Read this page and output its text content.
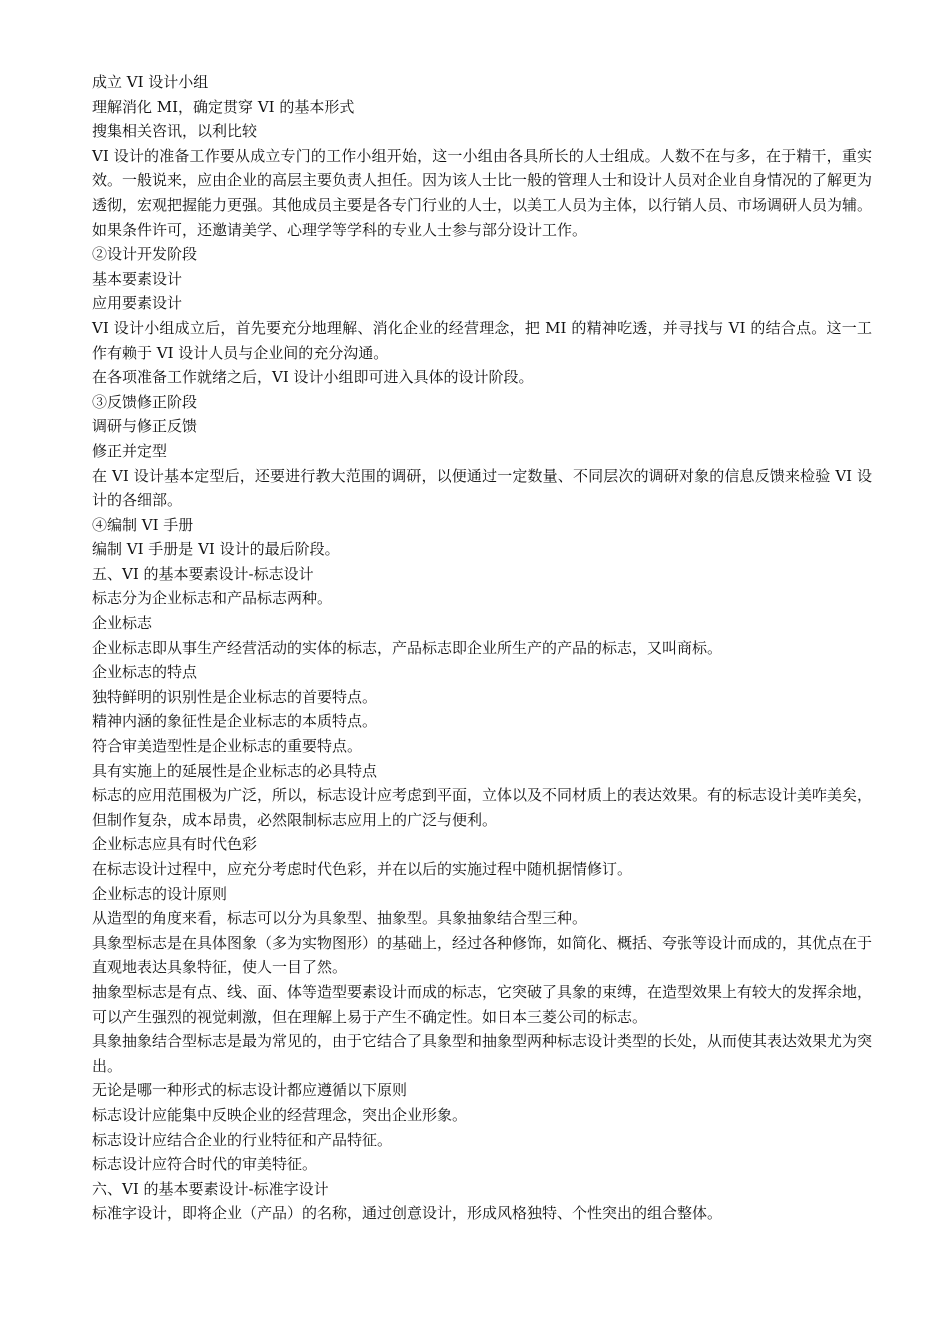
成立 VI 设计小组

理解消化 MI，确定贯穿 VI 的基本形式

搜集相关咨讯，以利比较

VI 设计的准备工作要从成立专门的工作小组开始，这一小组由各具所长的人士组成。人数不在与多，在于精干，重实效。一般说来，应由企业的高层主要负责人担任。因为该人士比一般的管理人士和设计人员对企业自身情况的了解更为透彻，宏观把握能力更强。其他成员主要是各专门行业的人士，以美工人员为主体，以行销人员、市场调研人员为辅。如果条件许可，还邀请美学、心理学等学科的专业人士参与部分设计工作。

②设计开发阶段

基本要素设计

应用要素设计

VI 设计小组成立后，首先要充分地理解、消化企业的经营理念，把 MI 的精神吃透，并寻找与 VI 的结合点。这一工作有赖于 VI 设计人员与企业间的充分沟通。

在各项准备工作就绪之后，VI 设计小组即可进入具体的设计阶段。

③反馈修正阶段

调研与修正反馈

修正并定型

在 VI 设计基本定型后，还要进行教大范围的调研，以便通过一定数量、不同层次的调研对象的信息反馈来检验 VI 设计的各细部。

④编制 VI 手册

编制 VI 手册是 VI 设计的最后阶段。

五、VI 的基本要素设计-标志设计

标志分为企业标志和产品标志两种。

企业标志

企业标志即从事生产经营活动的实体的标志，产品标志即企业所生产的产品的标志，又叫商标。

企业标志的特点

独特鲜明的识别性是企业标志的首要特点。

精神内涵的象征性是企业标志的本质特点。

符合审美造型性是企业标志的重要特点。

具有实施上的延展性是企业标志的必具特点

标志的应用范围极为广泛，所以，标志设计应考虑到平面，立体以及不同材质上的表达效果。有的标志设计美咋美矣，但制作复杂，成本昂贵，必然限制标志应用上的广泛与便利。

企业标志应具有时代色彩

在标志设计过程中，应充分考虑时代色彩，并在以后的实施过程中随机据情修订。

企业标志的设计原则

从造型的角度来看，标志可以分为具象型、抽象型。具象抽象结合型三种。

具象型标志是在具体图象（多为实物图形）的基础上，经过各种修饰，如简化、概括、夸张等设计而成的，其优点在于直观地表达具象特征，使人一目了然。

抽象型标志是有点、线、面、体等造型要素设计而成的标志，它突破了具象的束缚，在造型效果上有较大的发挥余地，可以产生强烈的视觉刺激，但在理解上易于产生不确定性。如日本三菱公司的标志。

具象抽象结合型标志是最为常见的，由于它结合了具象型和抽象型两种标志设计类型的长处，从而使其表达效果尤为突出。

无论是哪一种形式的标志设计都应遵循以下原则

标志设计应能集中反映企业的经营理念，突出企业形象。

标志设计应结合企业的行业特征和产品特征。

标志设计应符合时代的审美特征。

六、VI 的基本要素设计-标准字设计

标准字设计，即将企业（产品）的名称，通过创意设计，形成风格独特、个性突出的组合整体。
